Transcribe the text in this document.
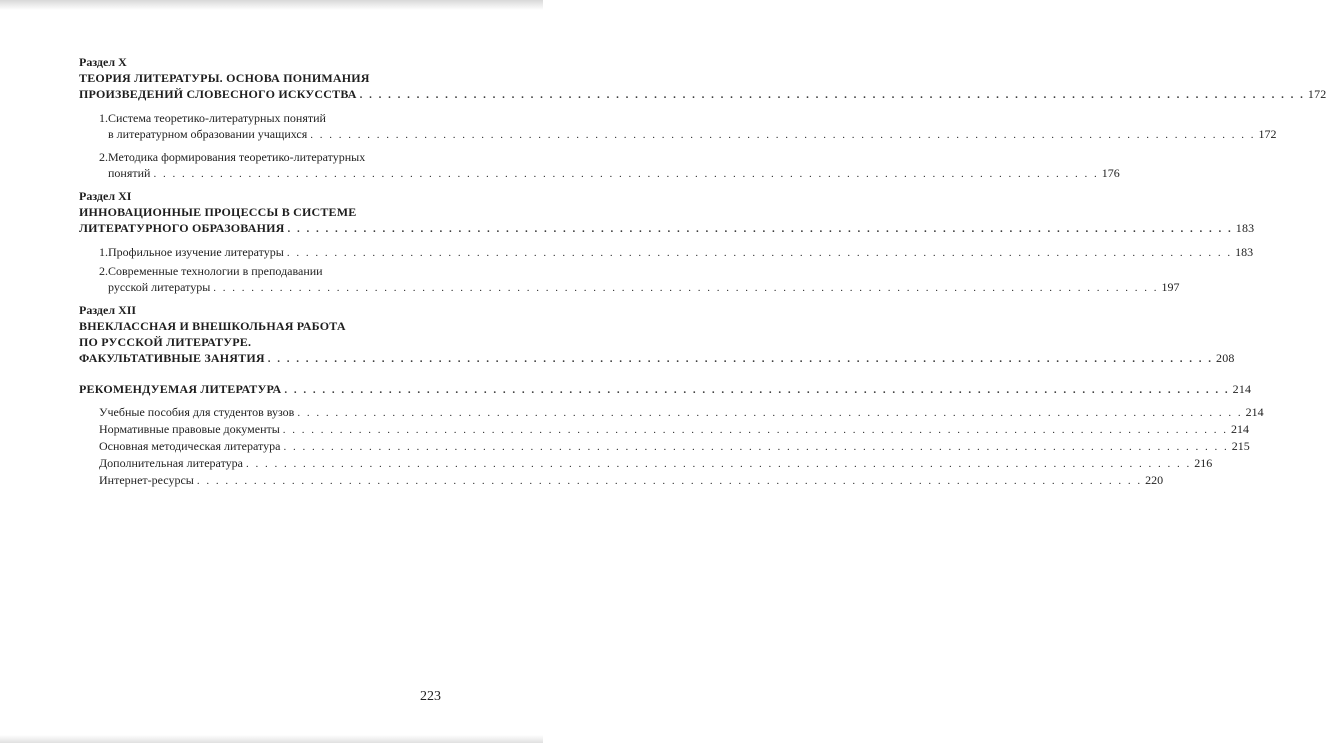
Раздел X
ТЕОРИЯ ЛИТЕРАТУРЫ. ОСНОВА ПОНИМАНИЯ
ПРОИЗВЕДЕНИЙ СЛОВЕСНОГО ИСКУССТВА . . .	172
1. Система теоретико-литературных понятий
в литературном образовании учащихся . . .	172
2. Методика формирования теоретико-литературных
понятий . . .	176
Раздел XI
ИННОВАЦИОННЫЕ ПРОЦЕССЫ В СИСТЕМЕ
ЛИТЕРАТУРНОГО ОБРАЗОВАНИЯ . . .	183
1. Профильное изучение литературы . . .	183
2. Современные технологии в преподавании
русской литературы . . .	197
Раздел XII
ВНЕКЛАССНАЯ И ВНЕШКОЛЬНАЯ РАБОТА
ПО РУССКОЙ ЛИТЕРАТУРЕ.
ФАКУЛЬТАТИВНЫЕ ЗАНЯТИЯ . . .	208
РЕКОМЕНДУЕМАЯ ЛИТЕРАТУРА . . .	214
Учебные пособия для студентов вузов . . .	214
Нормативные правовые документы . . .	214
Основная методическая литература . . .	215
Дополнительная литература . . .	216
Интернет-ресурсы . . .	220
223
